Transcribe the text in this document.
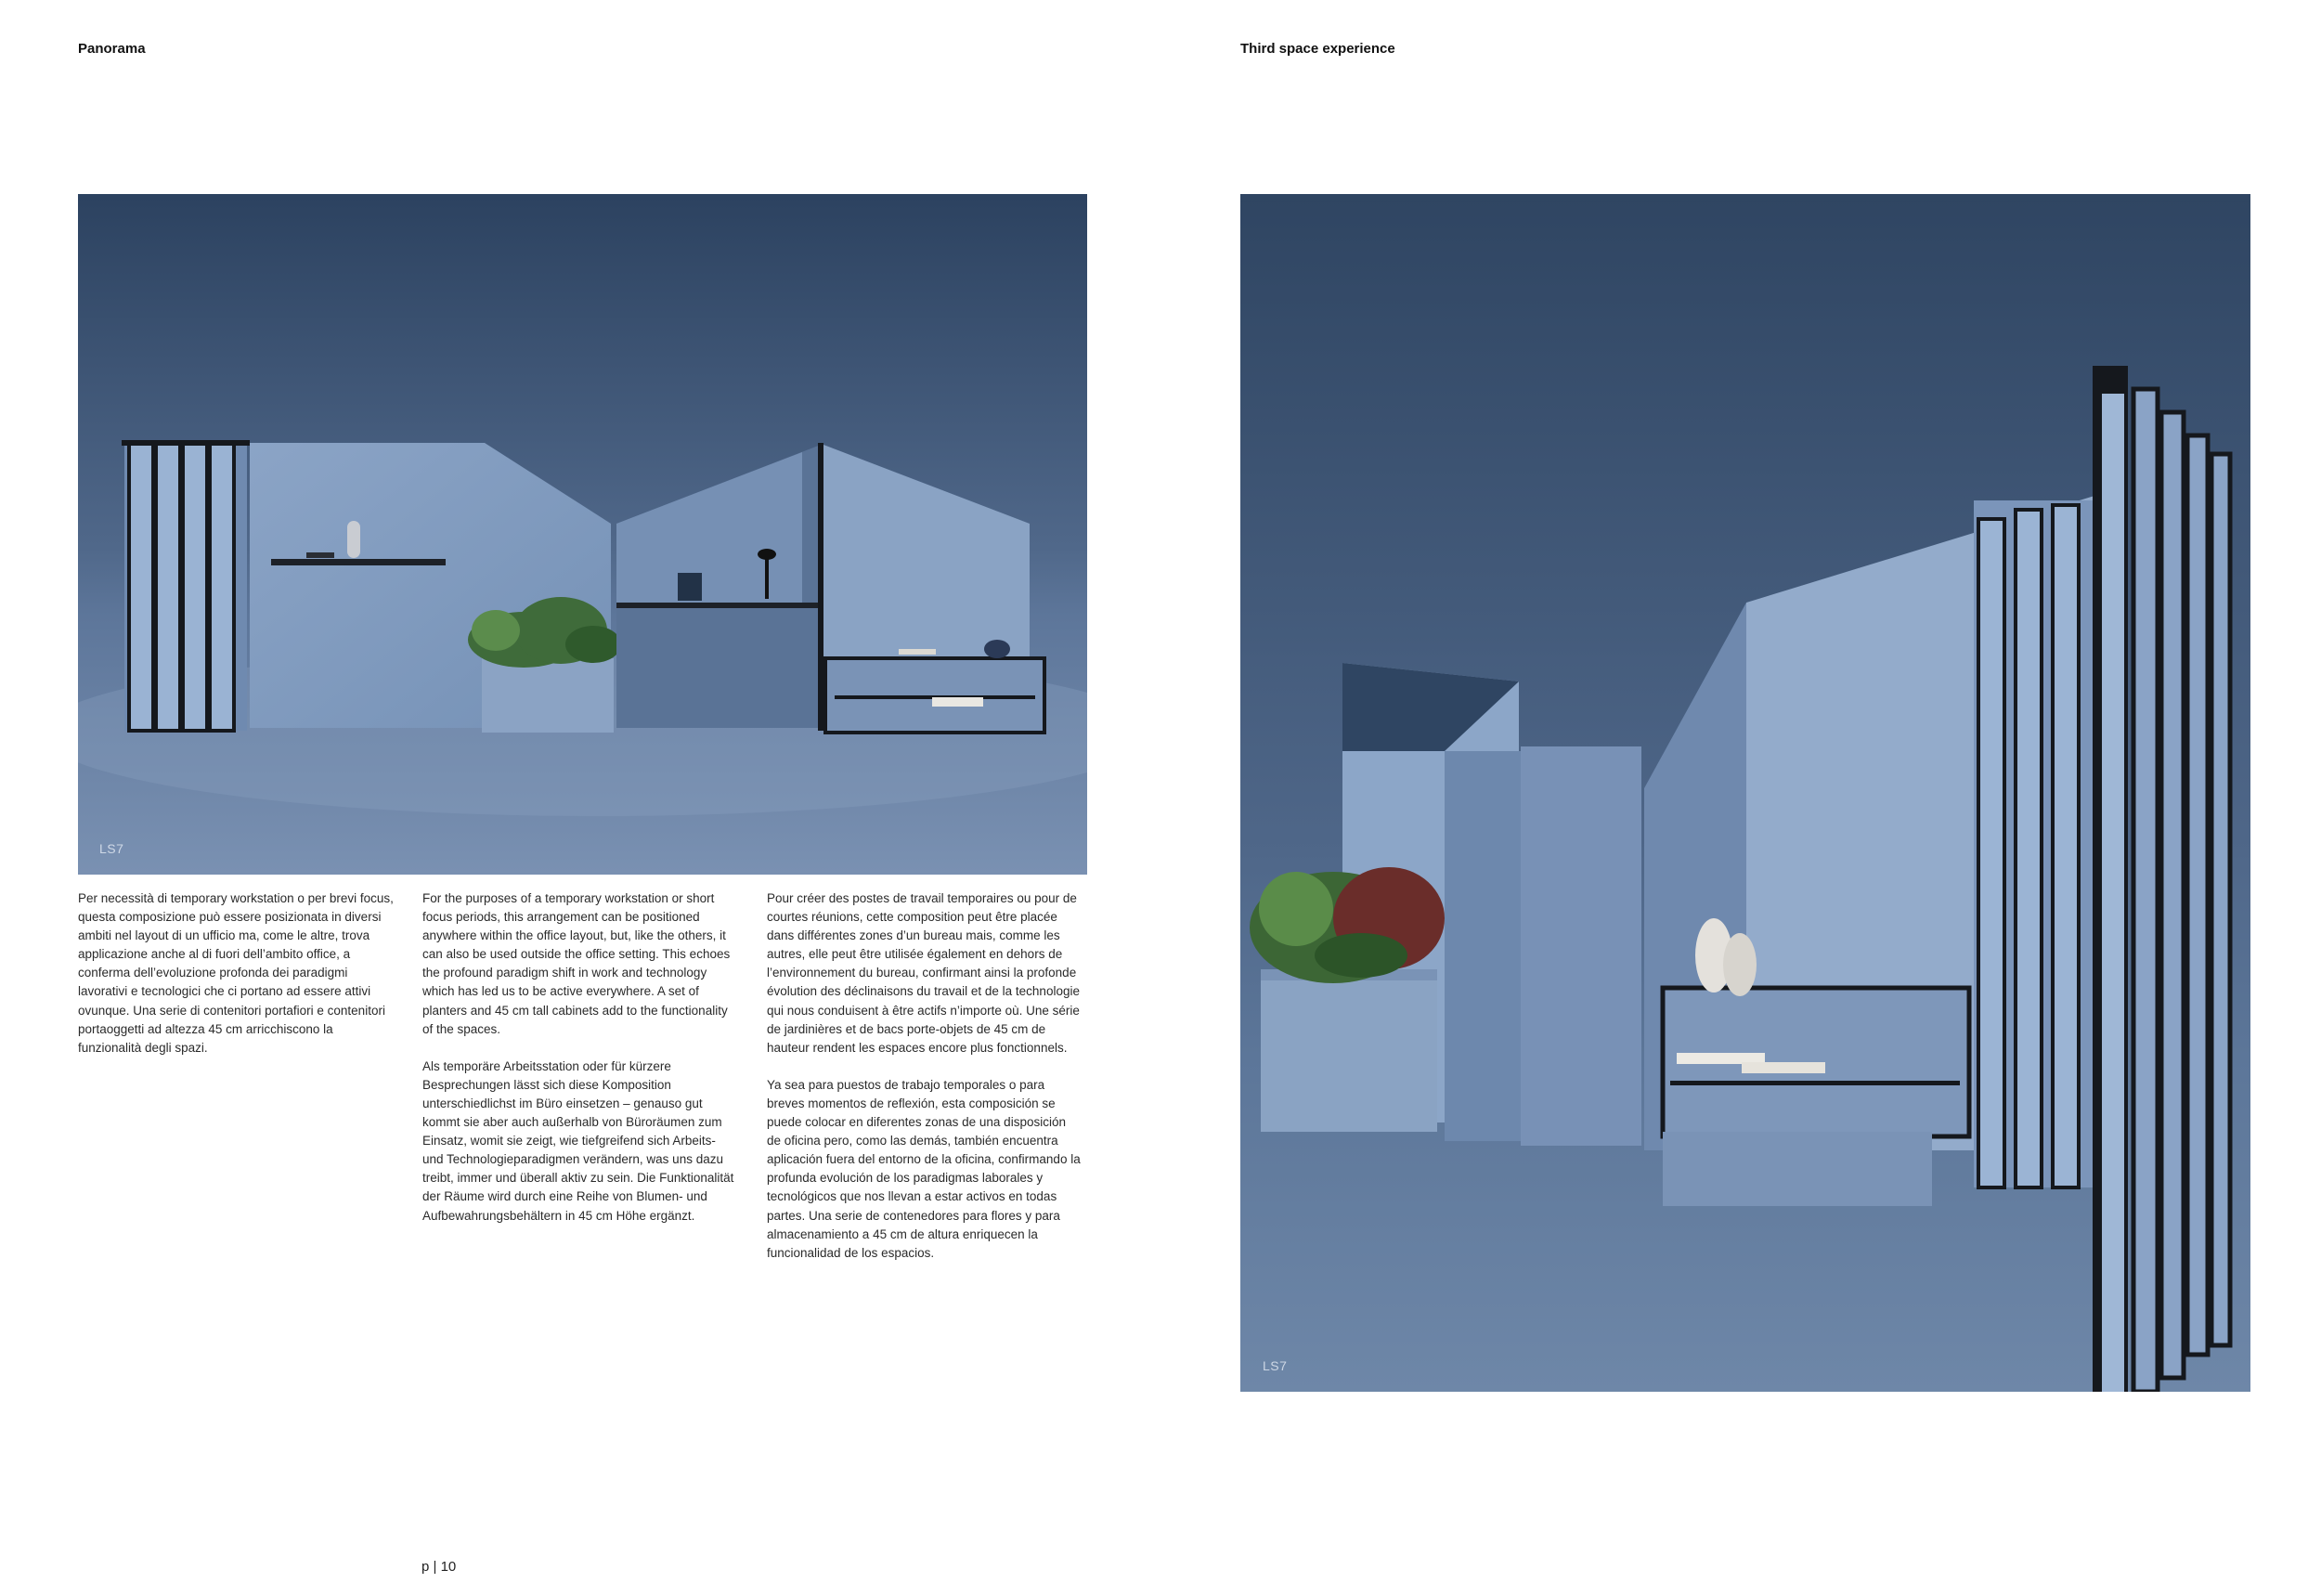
Panorama	Third space experience
LS7
LS7

Per necessità di temporary workstation o per brevi focus, questa composizione può essere posizionata in diversi ambiti nel layout di un ufficio ma, come le altre, trova applicazione anche al di fuori dell’ambito office, a conferma dell’evoluzione profonda dei paradigmi lavorativi e tecnologici che ci portano ad essere attivi ovunque. Una serie di contenitori portafiori e contenitori portaoggetti ad altezza 45 cm arricchiscono la funzionalità degli spazi.

For the purposes of a temporary workstation or short focus periods, this arrangement can be positioned anywhere within the office layout, but, like the others, it can also be used outside the office setting. This echoes the profound paradigm shift in work and technology which has led us to be active everywhere. A set of planters and 45 cm tall cabinets add to the functionality of the spaces.

Als temporäre Arbeitsstation oder für kürzere Besprechungen lässt sich diese Komposition unterschiedlichst im Büro einsetzen – genauso gut kommt sie aber auch außerhalb von Büroräumen zum Einsatz, womit sie zeigt, wie tiefgreifend sich Arbeits- und Technologieparadigmen verändern, was uns dazu treibt, immer und überall aktiv zu sein. Die Funktionalität der Räume wird durch eine Reihe von Blumen- und Aufbewahrungsbehältern in 45 cm Höhe ergänzt.

Pour créer des postes de travail temporaires ou pour de courtes réunions, cette composition peut être placée dans différentes zones d’un bureau mais, comme les autres, elle peut être utilisée également en dehors de l’environnement du bureau, confirmant ainsi la profonde évolution des déclinaisons du travail et de la technologie qui nous conduisent à être actifs n’importe où. Une série de jardinières et de bacs porte-objets de 45 cm de hauteur rendent les espaces encore plus fonctionnels.

Ya sea para puestos de trabajo temporales o para breves momentos de reflexión, esta composición se puede colocar en diferentes zonas de una disposición de oficina pero, como las demás, también encuentra aplicación fuera del entorno de la oficina, confirmando la profunda evolución de los paradigmas laborales y tecnológicos que nos llevan a estar activos en todas partes. Una serie de contenedores para flores y para almacenamiento a 45 cm de altura enriquecen la funcionalidad de los espacios.

p | 10
